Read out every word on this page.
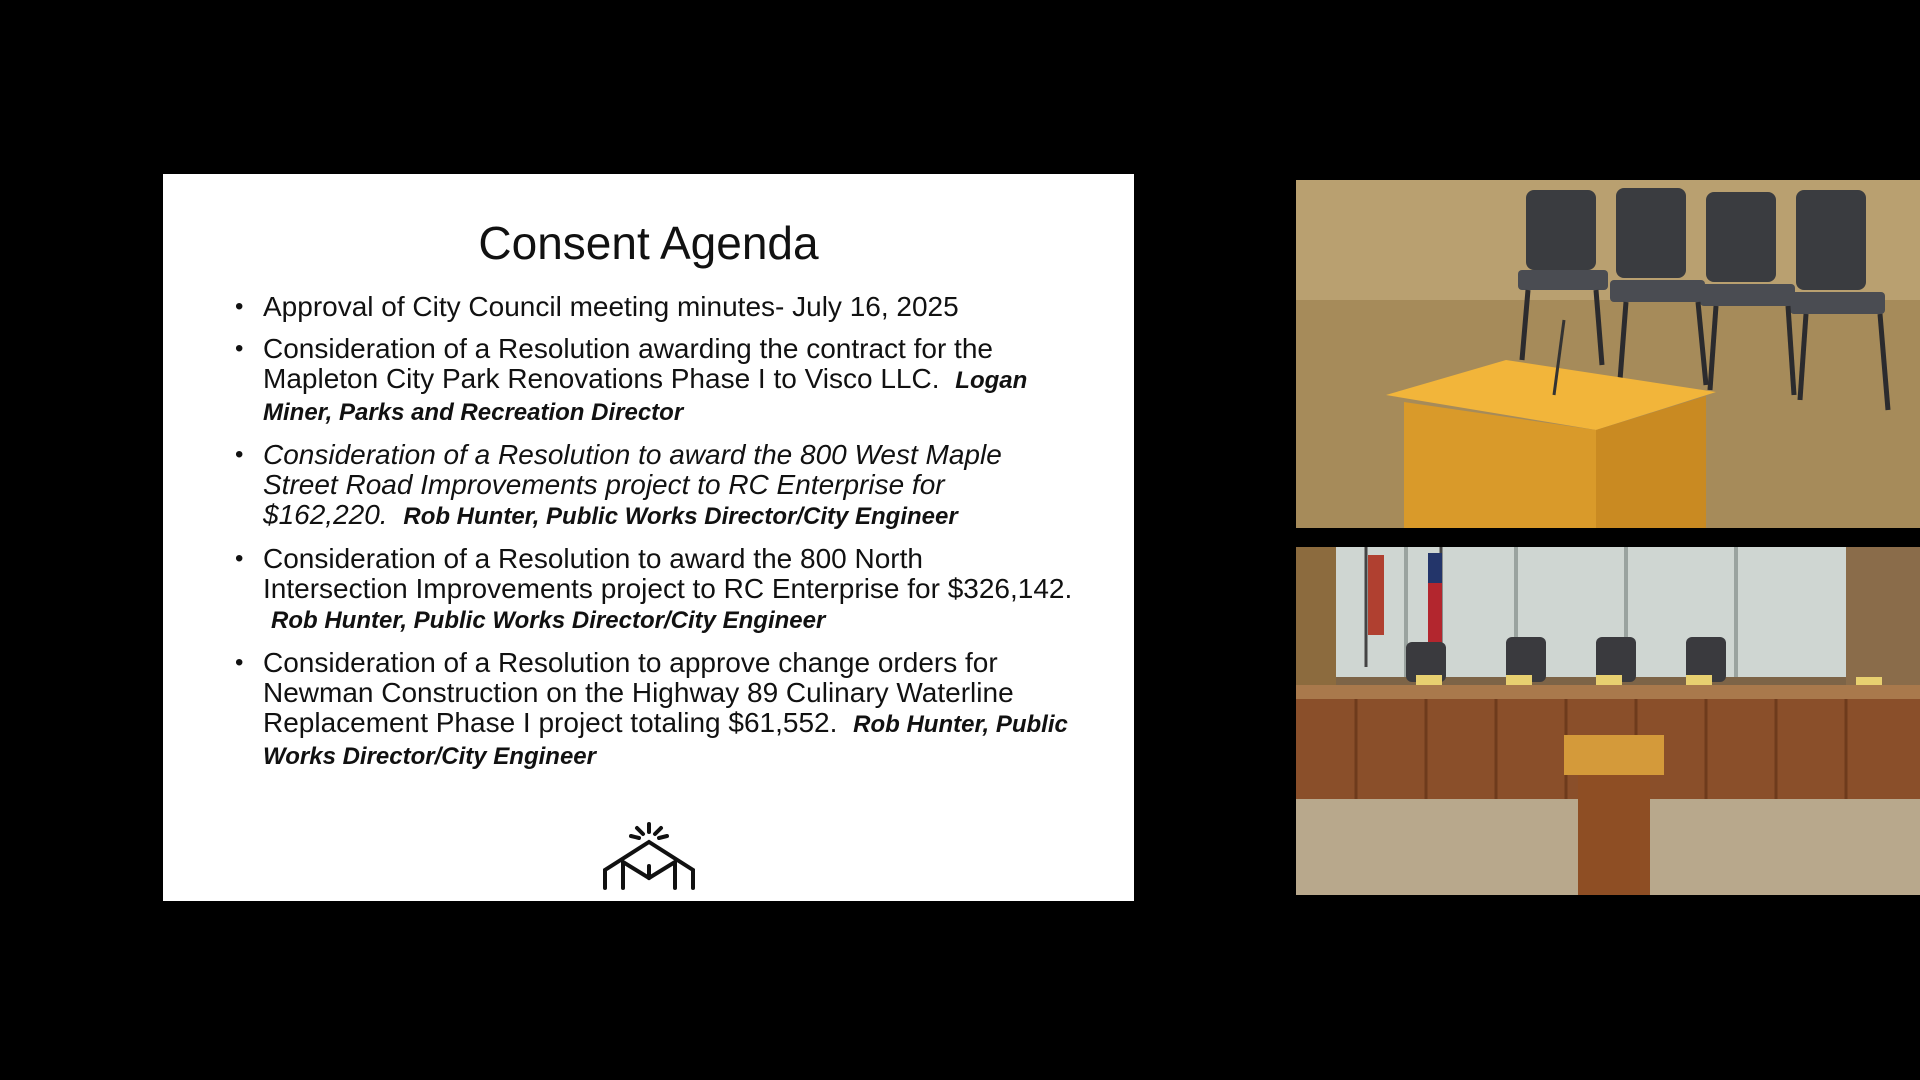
Consent Agenda
• Approval of City Council meeting minutes- July 16, 2025
• Consideration of a Resolution awarding the contract for the Mapleton City Park Renovations Phase I to Visco LLC. Logan Miner, Parks and Recreation Director
• Consideration of a Resolution to award the 800 West Maple Street Road Improvements project to RC Enterprise for $162,220. Rob Hunter, Public Works Director/City Engineer
• Consideration of a Resolution to award the 800 North Intersection Improvements project to RC Enterprise for $326,142. Rob Hunter, Public Works Director/City Engineer
• Consideration of a Resolution to approve change orders for Newman Construction on the Highway 89 Culinary Waterline Replacement Phase I project totaling $61,552. Rob Hunter, Public Works Director/City Engineer
